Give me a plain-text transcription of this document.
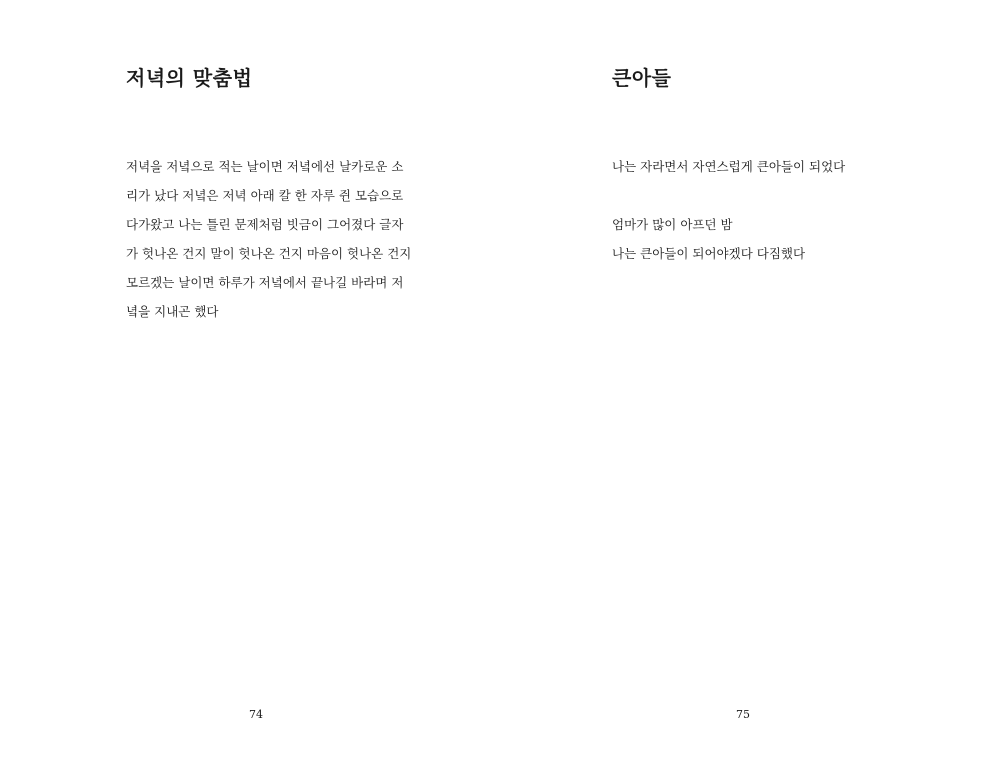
저녁의 맞춤법
저녁을 저녘으로 적는 날이면 저녘에선 날카로운 소
리가 났다 저녘은 저녁 아래 칼 한 자루 쥔 모습으로
다가왔고 나는 틀린 문제처럼 빗금이 그어졌다 글자
가 헛나온 건지 말이 헛나온 건지 마음이 헛나온 건지
모르겠는 날이면 하루가 저녘에서 끝나길 바라며 저
녘을 지내곤 했다
74
큰아들
나는 자라면서 자연스럽게 큰아들이 되었다
엄마가 많이 아프던 밤
나는 큰아들이 되어야겠다 다짐했다
75
